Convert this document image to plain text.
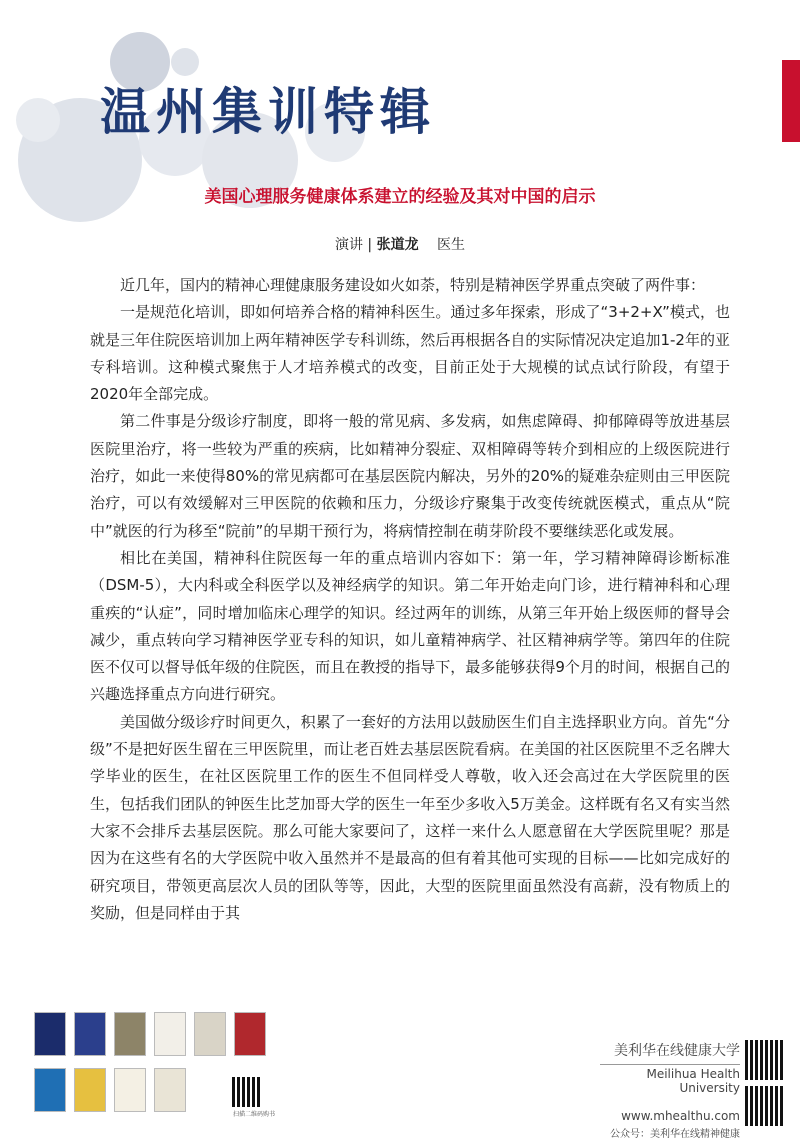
温州集训特辑
美国心理服务健康体系建立的经验及其对中国的启示
演讲 | 张道龙 医生

近几年，国内的精神心理健康服务建设如火如荼，特别是精神医学界重点突破了两件事：

一是规范化培训，即如何培养合格的精神科医生。通过多年探索，形成了“3+2+X”模式，也就是三年住院医培训加上两年精神医学专科训练，然后再根据各自的实际情况决定追加1-2年的亚专科培训。这种模式聚焦于人才培养模式的改变，目前正处于大规模的试点试行阶段，有望于2020年全部完成。

第二件事是分级诊疗制度，即将一般的常见病、多发病，如焦虑障碍、抑郁障碍等放进基层医院里治疗，将一些较为严重的疾病，比如精神分裂症、双相障碍等转介到相应的上级医院进行治疗，如此一来使得80%的常见病都可在基层医院内解决，另外的20%的疑难杂症则由三甲医院治疗，可以有效缓解对三甲医院的依赖和压力，分级诊疗聚集于改变传统就医模式，重点从“院中”就医的行为移至“院前”的早期干预行为，将病情控制在萌芽阶段不要继续恶化或发展。

相比在美国，精神科住院医每一年的重点培训内容如下：第一年，学习精神障碍诊断标准（DSM-5），大内科或全科医学以及神经病学的知识。第二年开始走向门诊，进行精神科和心理重疾的“认症”，同时增加临床心理学的知识。经过两年的训练，从第三年开始上级医师的督导会减少，重点转向学习精神医学亚专科的知识，如儿童精神病学、社区精神病学等。第四年的住院医不仅可以督导低年级的住院医，而且在教授的指导下，最多能够获得9个月的时间，根据自己的兴趣选择重点方向进行研究。

美国做分级诊疗时间更久，积累了一套好的方法用以鼓励医生们自主选择职业方向。首先“分级”不是把好医生留在三甲医院里，而让老百姓去基层医院看病。在美国的社区医院里不乏名牌大学毕业的医生，在社区医院里工作的医生不但同样受人尊敬，收入还会高过在大学医院里的医生，包括我们团队的钟医生比芝加哥大学的医生一年至少多收入5万美金。这样既有名又有实当然大家不会排斥去基层医院。那么可能大家要问了，这样一来什么人愿意留在大学医院里呢？那是因为在这些有名的大学医院中收入虽然并不是最高的但有着其他可实现的目标——比如完成好的研究项目，带领更高层次人员的团队等等，因此，大型的医院里面虽然没有高薪，没有物质上的奖励，但是同样由于其

扫描二维码购书
美利华在线健康大学
Meilihua Health University
www.mhealthu.com
公众号：美利华在线精神健康
